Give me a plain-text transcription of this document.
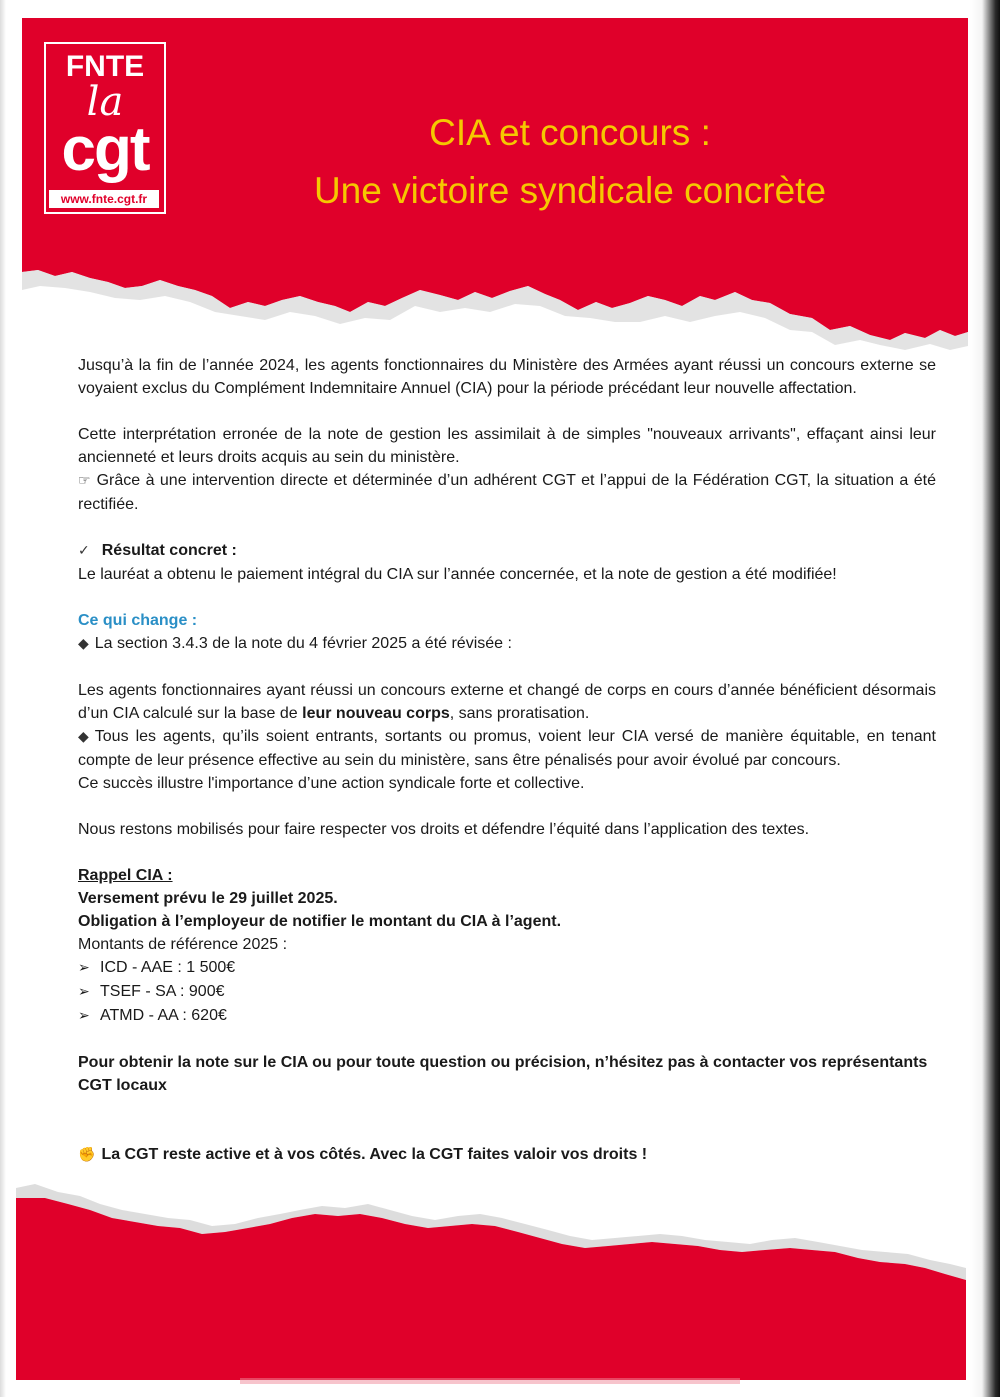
FNTE
la
cgt
www.fnte.cgt.fr
CIA et concours :
Une victoire syndicale concrète

Jusqu’à la fin de l’année 2024, les agents fonctionnaires du Ministère des Armées ayant réussi un concours externe se voyaient exclus du Complément Indemnitaire Annuel (CIA) pour la période précédant leur nouvelle affectation.

Cette interprétation erronée de la note de gestion les assimilait à de simples "nouveaux arrivants", effaçant ainsi leur ancienneté et leurs droits acquis au sein du ministère.

☞ Grâce à une intervention directe et déterminée d’un adhérent CGT et l’appui de la Fédération CGT, la situation a été rectifiée.

✓ Résultat concret :

Le lauréat a obtenu le paiement intégral du CIA sur l’année concernée, et la note de gestion a été modifiée!

Ce qui change :

◆ La section 3.4.3 de la note du 4 février 2025 a été révisée :

Les agents fonctionnaires ayant réussi un concours externe et changé de corps en cours d’année bénéficient désormais d’un CIA calculé sur la base de leur nouveau corps, sans proratisation.

◆ Tous les agents, qu’ils soient entrants, sortants ou promus, voient leur CIA versé de manière équitable, en tenant compte de leur présence effective au sein du ministère, sans être pénalisés pour avoir évolué par concours.

Ce succès illustre l'importance d’une action syndicale forte et collective.

Nous restons mobilisés pour faire respecter vos droits et défendre l’équité dans l’application des textes.

Rappel CIA :

Versement prévu le 29 juillet 2025.

Obligation à l’employeur de notifier le montant du CIA à l’agent.

Montants de référence 2025 :

➢ ICD - AAE : 1 500€

➢ TSEF - SA : 900€

➢ ATMD - AA : 620€

Pour obtenir la note sur le CIA ou pour toute question ou précision, n’hésitez pas à contacter vos représentants CGT locaux

✊ La CGT reste active et à vos côtés. Avec la CGT faites valoir vos droits !
